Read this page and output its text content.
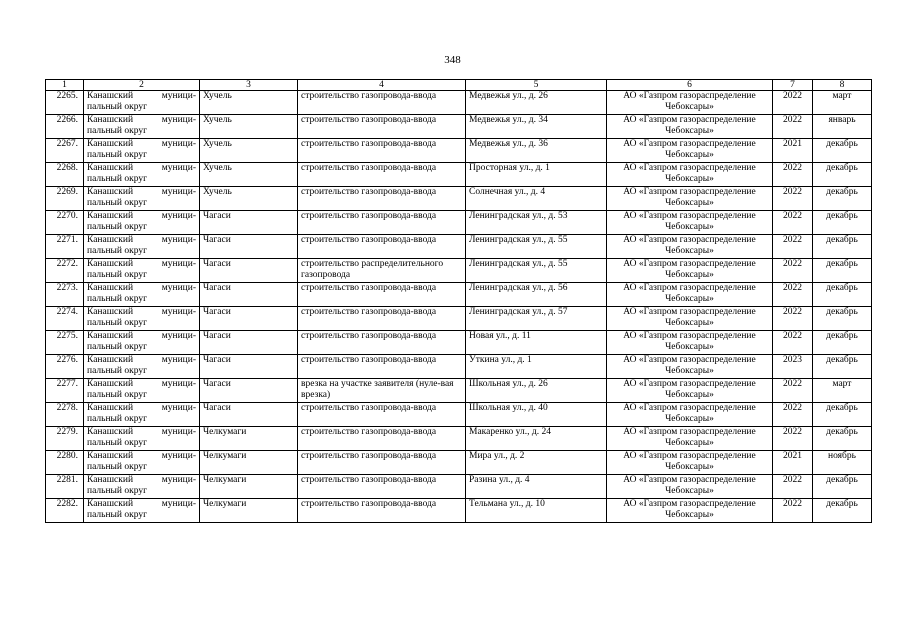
348
1	2	3	4	5	6	7	8
2265.	Канашский муници-пальный округ	Хучель	строительство газопровода-ввода	Медвежья ул., д. 26	АО «Газпром газораспределение Чебоксары»	2022	март
2266.	Канашский муници-пальный округ	Хучель	строительство газопровода-ввода	Медвежья ул., д. 34	АО «Газпром газораспределение Чебоксары»	2022	январь
2267.	Канашский муници-пальный округ	Хучель	строительство газопровода-ввода	Медвежья ул., д. 36	АО «Газпром газораспределение Чебоксары»	2021	декабрь
2268.	Канашский муници-пальный округ	Хучель	строительство газопровода-ввода	Просторная ул., д. 1	АО «Газпром газораспределение Чебоксары»	2022	декабрь
2269.	Канашский муници-пальный округ	Хучель	строительство газопровода-ввода	Солнечная ул., д. 4	АО «Газпром газораспределение Чебоксары»	2022	декабрь
2270.	Канашский муници-пальный округ	Чагаси	строительство газопровода-ввода	Ленинградская ул., д. 53	АО «Газпром газораспределение Чебоксары»	2022	декабрь
2271.	Канашский муници-пальный округ	Чагаси	строительство газопровода-ввода	Ленинградская ул., д. 55	АО «Газпром газораспределение Чебоксары»	2022	декабрь
2272.	Канашский муници-пальный округ	Чагаси	строительство распределительного газопровода	Ленинградская ул., д. 55	АО «Газпром газораспределение Чебоксары»	2022	декабрь
2273.	Канашский муници-пальный округ	Чагаси	строительство газопровода-ввода	Ленинградская ул., д. 56	АО «Газпром газораспределение Чебоксары»	2022	декабрь
2274.	Канашский муници-пальный округ	Чагаси	строительство газопровода-ввода	Ленинградская ул., д. 57	АО «Газпром газораспределение Чебоксары»	2022	декабрь
2275.	Канашский муници-пальный округ	Чагаси	строительство газопровода-ввода	Новая ул., д. 11	АО «Газпром газораспределение Чебоксары»	2022	декабрь
2276.	Канашский муници-пальный округ	Чагаси	строительство газопровода-ввода	Уткина ул., д. 1	АО «Газпром газораспределение Чебоксары»	2023	декабрь
2277.	Канашский муници-пальный округ	Чагаси	врезка на участке заявителя (нуле-вая врезка)	Школьная ул., д. 26	АО «Газпром газораспределение Чебоксары»	2022	март
2278.	Канашский муници-пальный округ	Чагаси	строительство газопровода-ввода	Школьная ул., д. 40	АО «Газпром газораспределение Чебоксары»	2022	декабрь
2279.	Канашский муници-пальный округ	Челкумаги	строительство газопровода-ввода	Макаренко ул., д. 24	АО «Газпром газораспределение Чебоксары»	2022	декабрь
2280.	Канашский муници-пальный округ	Челкумаги	строительство газопровода-ввода	Мира ул., д. 2	АО «Газпром газораспределение Чебоксары»	2021	ноябрь
2281.	Канашский муници-пальный округ	Челкумаги	строительство газопровода-ввода	Разина ул., д. 4	АО «Газпром газораспределение Чебоксары»	2022	декабрь
2282.	Канашский муници-пальный округ	Челкумаги	строительство газопровода-ввода	Тельмана ул., д. 10	АО «Газпром газораспределение Чебоксары»	2022	декабрь
